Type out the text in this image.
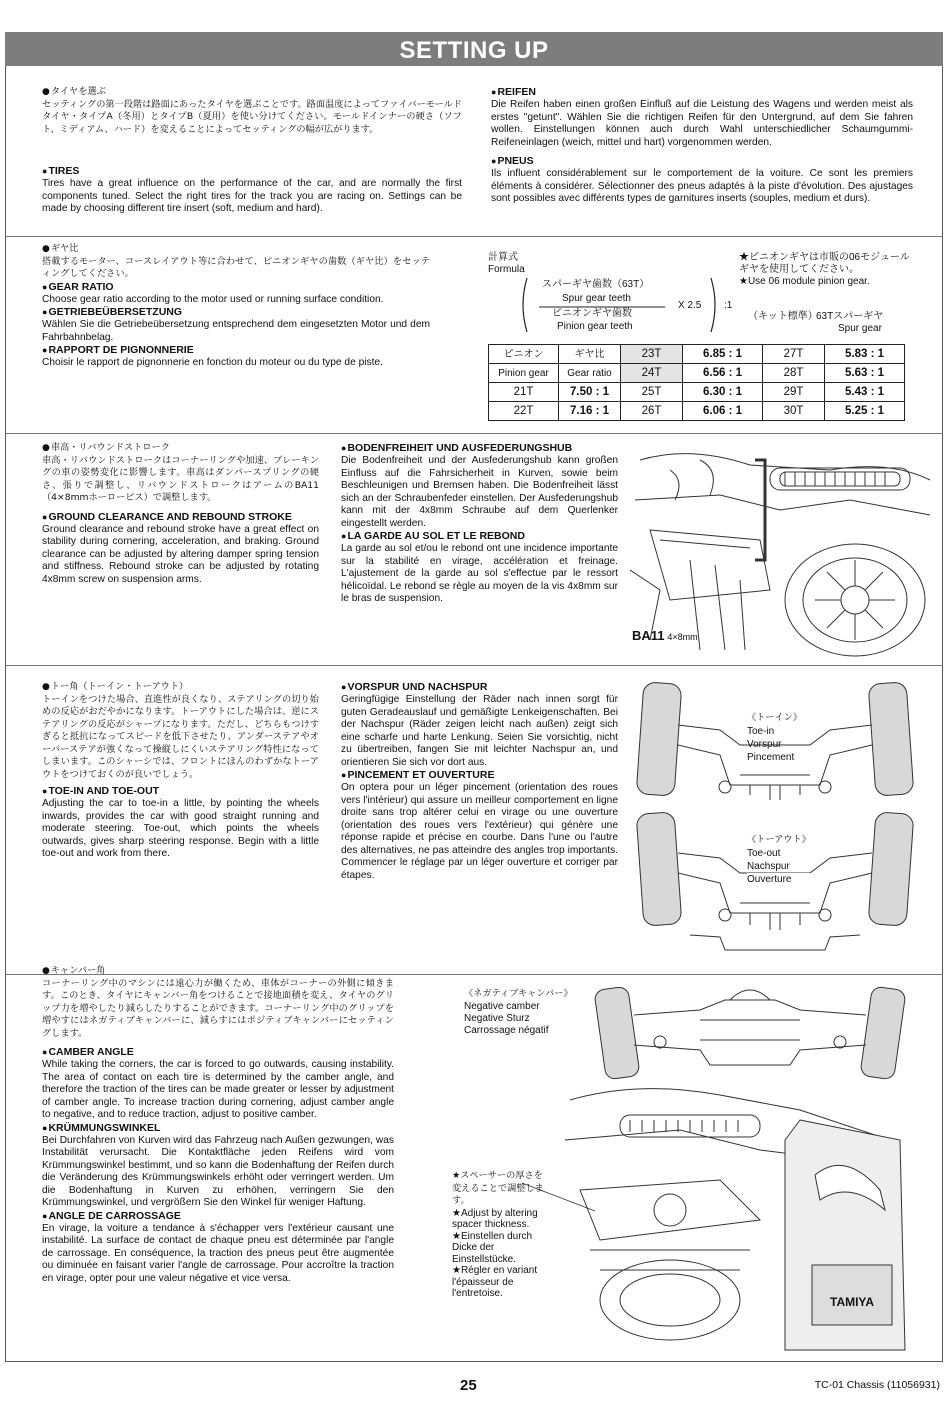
SETTING UP

● タイヤを選ぶ

セッティングの第一段階は路面にあったタイヤを選ぶことです。路面温度によってファイバーモールドタイヤ・タイプA（冬用）とタイプB（夏用）を使い分けてください。モールドインナーの硬さ（ソフト、ミディアム、ハード）を変えることによってセッティングの幅が広がります。

● TIRES

Tires have a great influence on the performance of the car, and are normally the first components tuned. Select the right tires for the track you are racing on. Settings can be made by choosing different tire insert (soft, medium and hard).

● REIFEN

Die Reifen haben einen großen Einfluß auf die Leistung des Wagens und werden meist als erstes "getunt". Wählen Sie die richtigen Reifen für den Untergrund, auf dem Sie fahren wollen. Einstellungen können auch durch Wahl unterschiedlicher Schaumgummi-Reifeneinlagen (weich, mittel und hart) vorgenommen werden.

● PNEUS

Ils influent considérablement sur le comportement de la voiture. Ce sont les premiers éléments à considérer. Sélectionner des pneus adaptés à la piste d'évolution. Des ajustages sont possibles avec différents types de garnitures inserts (souples, medium et durs).

● ギヤ比

搭載するモーター、コースレイアウト等に合わせて、ピニオンギヤの歯数（ギヤ比）をセッティングしてください。

● GEAR RATIO

Choose gear ratio according to the motor used or running surface condition.

● GETRIEBEÜBERSETZUNG

Wählen Sie die Getriebeübersetzung entsprechend dem eingesetzten Motor und dem Fahrbahnbelag.

● RAPPORT DE PIGNONNERIE

Choisir le rapport de pignonnerie en fonction du moteur ou du type de piste.

計算式
Formula
スパーギヤ歯数（63T）
Spur gear teeth
ピニオンギヤ歯数
Pinion gear teeth
X 2.5 :1
★ピニオンギヤは市販の06モジュールギヤを使用してください。
★Use 06 module pinion gear.
（キット標準）
63Tスパーギヤ
Spur gear
ピニオン	ギヤ比	23T	6.85 : 1	27T	5.83 : 1
Pinion gear	Gear ratio	24T	6.56 : 1	28T	5.63 : 1
21T	7.50 : 1	25T	6.30 : 1	29T	5.43 : 1
22T	7.16 : 1	26T	6.06 : 1	30T	5.25 : 1

● 車高・リバウンドストローク

車高・リバウンドストロークはコーナーリングや加速、ブレーキングの車の姿勢変化に影響します。車高はダンパースプリングの硬さ、張りで調整し、リバウンドストロークはアームのBA11（4×8mmホーロービス）で調整します。

● GROUND CLEARANCE AND REBOUND STROKE

Ground clearance and rebound stroke have a great effect on stability during cornering, acceleration, and braking. Ground clearance can be adjusted by altering damper spring tension and stiffness. Rebound stroke can be adjusted by rotating 4x8mm screw on suspension arms.

● BODENFREIHEIT UND AUSFEDERUNGSHUB

Die Bodenfreiheit und der Ausfederungshub kann großen Einfluss auf die Fahrsicherheit in Kurven, sowie beim Beschleunigen und Bremsen haben. Die Bodenfreiheit lässt sich an der Schraubenfeder einstellen. Der Ausfederungshub kann mit der 4x8mm Schraube auf dem Querlenker eingestellt werden.

● LA GARDE AU SOL ET LE REBOND

La garde au sol et/ou le rebond ont une incidence importante sur la stabilité en virage, accélération et freinage. L'ajustement de la garde au sol s'effectue par le ressort hélicoïdal. Le rebond se règle au moyen de la vis 4x8mm sur le bras de suspension.

BA11 4×8mm

● トー角（トーイン・トーアウト）

トーインをつけた場合、直進性が良くなり、ステアリングの切り始めの反応がおだやかになります。トーアウトにした場合は、逆にステアリングの反応がシャープになります。ただし、どちらもつけすぎると抵抗になってスピードを低下させたり、アンダーステアやオーバーステアが強くなって操縦しにくいステアリング特性になってしまいます。このシャーシでは、フロントにほんのわずかなトーアウトをつけておくのが良いでしょう。

● TOE-IN AND TOE-OUT

Adjusting the car to toe-in a little, by pointing the wheels inwards, provides the car with good straight running and moderate steering. Toe-out, which points the wheels outwards, gives sharp steering response. Begin with a little toe-out and work from there.

● VORSPUR UND NACHSPUR

Geringfügige Einstellung der Räder nach innen sorgt für guten Geradeauslauf und gemäßigte Lenkeigenschaften. Bei der Nachspur (Räder zeigen leicht nach außen) zeigt sich eine scharfe und harte Lenkung. Seien Sie vorsichtig, nicht zu übertreiben, fangen Sie mit leichter Nachspur an, und orientieren Sie sich vor dort aus.

● PINCEMENT ET OUVERTURE

On optera pour un léger pincement (orientation des roues vers l'intérieur) qui assure un meilleur comportement en ligne droite sans trop altérer celui en virage ou une ouverture (orientation des roues vers l'extérieur) qui génère une réponse rapide et précise en courbe. Dans l'une ou l'autre des alternatives, ne pas atteindre des angles trop importants. Commencer le réglage par un léger ouverture et corriger par étapes.

《トーイン》
Toe-in
Vorspur
Pincement
《トーアウト》
Toe-out
Nachspur
Ouverture

● キャンバー角

コーナーリング中のマシンには遠心力が働くため、車体がコーナーの外側に傾きます。このとき、タイヤにキャンバー角をつけることで接地面積を変え、タイヤのグリップ力を増やしたり減らしたりすることができます。コーナーリング中のグリップを増やすにはネガティブキャンバーに、減らすにはポジティブキャンバーにセッティングします。

● CAMBER ANGLE

While taking the corners, the car is forced to go outwards, causing instability. The area of contact on each tire is determined by the camber angle, and therefore the traction of the tires can be made greater or lesser by adjustment of camber angle. To increase traction during cornering, adjust camber angle to negative, and to reduce traction, adjust to positive camber.

● KRÜMMUNGSWINKEL

Bei Durchfahren von Kurven wird das Fahrzeug nach Außen gezwungen, was Instabilität verursacht. Die Kontaktfläche jeden Reifens wird vom Krümmungswinkel bestimmt, und so kann die Bodenhaftung der Reifen durch die Veränderung des Krümmungswinkels erhöht oder verringert werden. Um die Bodenhaftung in Kurven zu erhöhen, verringern Sie den Krümmungswinkel, und vergrößern Sie den Winkel für weniger Haftung.

● ANGLE DE CARROSSAGE

En virage, la voiture a tendance à s'échapper vers l'extérieur causant une instabilité. La surface de contact de chaque pneu est déterminée par l'angle de carrossage. En conséquence, la traction des pneus peut être augmentée ou diminuée en faisant varier l'angle de carrossage. Pour accroître la traction en virage, opter pour une valeur négative et vice versa.

《ネガティブキャンバー》
Negative camber
Negative Sturz
Carrossage négatif
TAMIYA
★スペーサーの厚さを変えることで調整します。
★Adjust by altering spacer thickness.
★Einstellen durch Dicke der Einstellstücke.
★Régler en variant l'épaisseur de l'entretoise.
25	TC-01 Chassis (11056931)
